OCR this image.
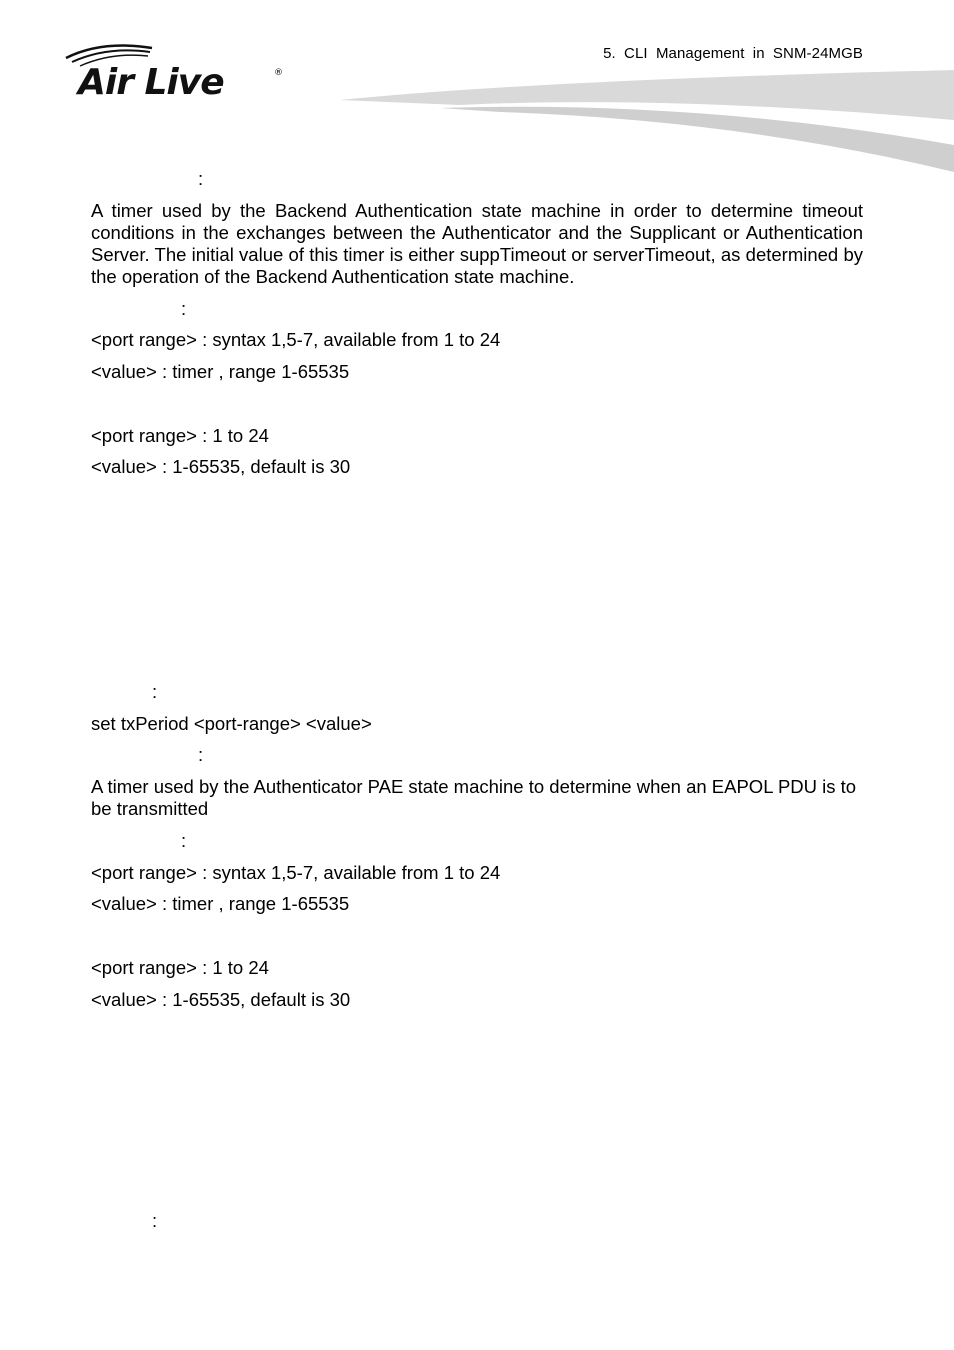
5. CLI Management in SNM-24MGB
Air Live	®
:
A timer used by the Backend Authentication state machine in order to determine timeout conditions in the exchanges between the Authenticator and the Supplicant or Authentication Server. The initial value of this timer is either suppTimeout or serverTimeout, as determined by the operation of the Backend Authentication state machine.
:
<port range> : syntax 1,5-7, available from 1 to 24
<value> : timer , range 1-65535
<port range> : 1 to 24
<value> : 1-65535, default is 30
:
set txPeriod <port-range> <value>
:
A timer used by the Authenticator PAE state machine to determine when an EAPOL PDU is to be transmitted
:
<port range> : syntax 1,5-7, available from 1 to 24
<value> : timer , range 1-65535
<port range> : 1 to 24
<value> : 1-65535, default is 30
:
